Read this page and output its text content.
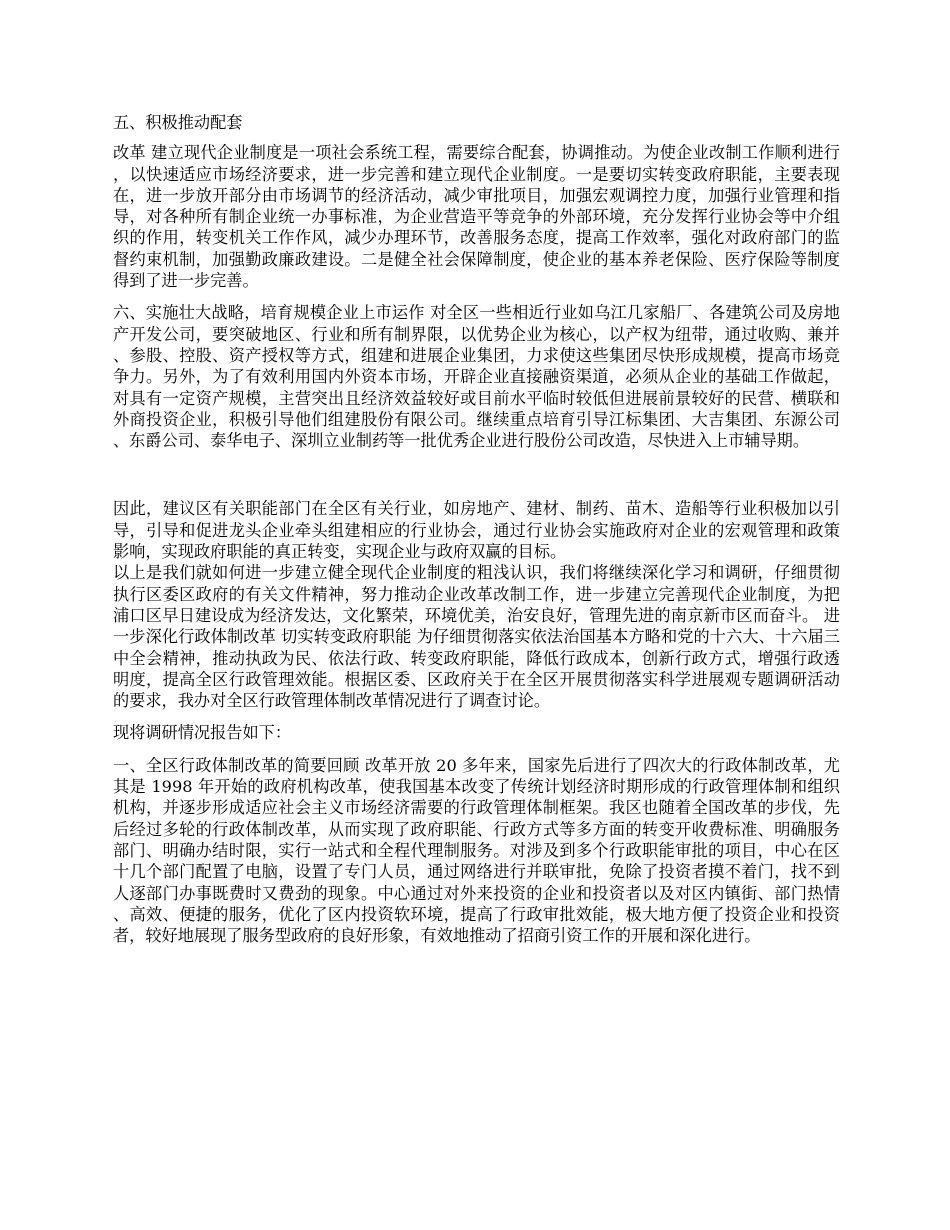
五、积极推动配套

改革 建立现代企业制度是一项社会系统工程，需要综合配套，协调推动。为使企业改制工作顺利进行，以快速适应市场经济要求，进一步完善和建立现代企业制度。一是要切实转变政府职能，主要表现在，进一步放开部分由市场调节的经济活动，减少审批项目，加强宏观调控力度，加强行业管理和指导，对各种所有制企业统一办事标准，为企业营造平等竞争的外部环境，充分发挥行业协会等中介组织的作用，转变机关工作作风，减少办理环节，改善服务态度，提高工作效率，强化对政府部门的监督约束机制，加强勤政廉政建设。二是健全社会保障制度，使企业的基本养老保险、医疗保险等制度得到了进一步完善。

六、实施壮大战略，培育规模企业上市运作 对全区一些相近行业如乌江几家船厂、各建筑公司及房地产开发公司，要突破地区、行业和所有制界限，以优势企业为核心，以产权为纽带，通过收购、兼并、参股、控股、资产授权等方式，组建和进展企业集团，力求使这些集团尽快形成规模，提高市场竞争力。另外，为了有效利用国内外资本市场，开辟企业直接融资渠道，必须从企业的基础工作做起，对具有一定资产规模，主营突出且经济效益较好或目前水平临时较低但进展前景较好的民营、横联和外商投资企业，积极引导他们组建股份有限公司。继续重点培育引导江标集团、大吉集团、东源公司、东爵公司、泰华电子、深圳立业制药等一批优秀企业进行股份公司改造，尽快进入上市辅导期。

因此，建议区有关职能部门在全区有关行业，如房地产、建材、制药、苗木、造船等行业积极加以引导，引导和促进龙头企业牵头组建相应的行业协会，通过行业协会实施政府对企业的宏观管理和政策影响，实现政府职能的真正转变，实现企业与政府双赢的目标。

以上是我们就如何进一步建立健全现代企业制度的粗浅认识，我们将继续深化学习和调研，仔细贯彻执行区委区政府的有关文件精神，努力推动企业改革改制工作，进一步建立完善现代企业制度，为把浦口区早日建设成为经济发达，文化繁荣，环境优美，治安良好，管理先进的南京新市区而奋斗。 进一步深化行政体制改革 切实转变政府职能 为仔细贯彻落实依法治国基本方略和党的十六大、十六届三中全会精神，推动执政为民、依法行政、转变政府职能，降低行政成本，创新行政方式，增强行政透明度，提高全区行政管理效能。根据区委、区政府关于在全区开展贯彻落实科学进展观专题调研活动的要求，我办对全区行政管理体制改革情况进行了调查讨论。

现将调研情况报告如下：

一、全区行政体制改革的简要回顾 改革开放 20 多年来，国家先后进行了四次大的行政体制改革，尤其是 1998 年开始的政府机构改革，使我国基本改变了传统计划经济时期形成的行政管理体制和组织机构，并逐步形成适应社会主义市场经济需要的行政管理体制框架。我区也随着全国改革的步伐，先后经过多轮的行政体制改革，从而实现了政府职能、行政方式等多方面的转变开收费标准、明确服务部门、明确办结时限，实行一站式和全程代理制服务。对涉及到多个行政职能审批的项目，中心在区十几个部门配置了电脑，设置了专门人员，通过网络进行并联审批，免除了投资者摸不着门，找不到人逐部门办事既费时又费劲的现象。中心通过对外来投资的企业和投资者以及对区内镇街、部门热情、高效、便捷的服务，优化了区内投资软环境，提高了行政审批效能，极大地方便了投资企业和投资者，较好地展现了服务型政府的良好形象，有效地推动了招商引资工作的开展和深化进行。
